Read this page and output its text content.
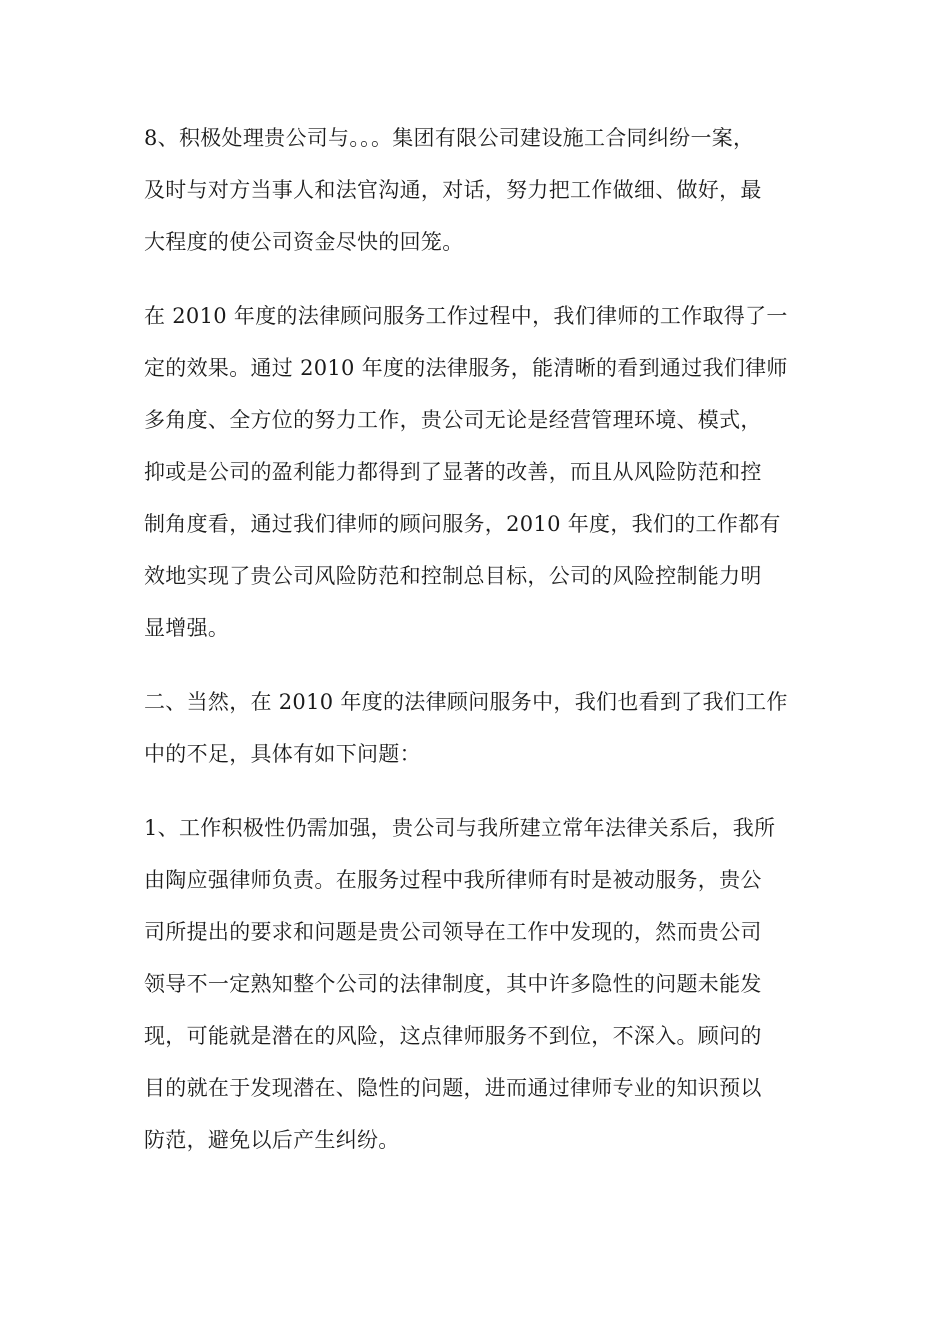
8、积极处理贵公司与。。。集团有限公司建设施工合同纠纷一案，
及时与对方当事人和法官沟通，对话，努力把工作做细、做好，最
大程度的使公司资金尽快的回笼。

在 2010 年度的法律顾问服务工作过程中，我们律师的工作取得了一
定的效果。通过 2010 年度的法律服务，能清晰的看到通过我们律师
多角度、全方位的努力工作，贵公司无论是经营管理环境、模式，
抑或是公司的盈利能力都得到了显著的改善，而且从风险防范和控
制角度看，通过我们律师的顾问服务，2010 年度，我们的工作都有
效地实现了贵公司风险防范和控制总目标，公司的风险控制能力明
显增强。

二、当然，在 2010 年度的法律顾问服务中，我们也看到了我们工作
中的不足，具体有如下问题：

1、工作积极性仍需加强，贵公司与我所建立常年法律关系后，我所
由陶应强律师负责。在服务过程中我所律师有时是被动服务，贵公
司所提出的要求和问题是贵公司领导在工作中发现的，然而贵公司
领导不一定熟知整个公司的法律制度，其中许多隐性的问题未能发
现，可能就是潜在的风险，这点律师服务不到位，不深入。顾问的
目的就在于发现潜在、隐性的问题，进而通过律师专业的知识预以
防范，避免以后产生纠纷。
